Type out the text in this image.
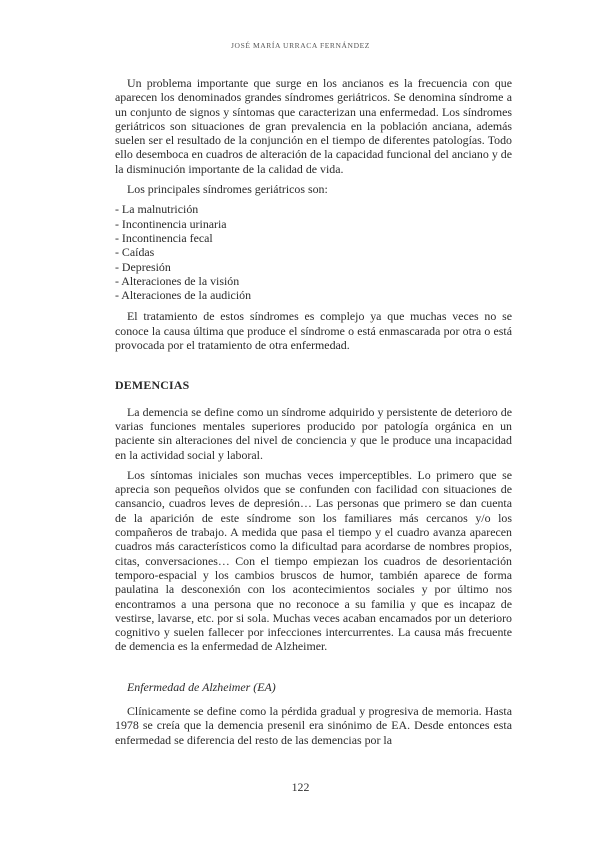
JOSÉ MARÍA URRACA FERNÁNDEZ

Un problema importante que surge en los ancianos es la frecuencia con que aparecen los denominados grandes síndromes geriátricos. Se denomina síndrome a un conjunto de signos y síntomas que caracterizan una enfermedad. Los síndromes geriátricos son situaciones de gran prevalencia en la población anciana, además suelen ser el resultado de la conjunción en el tiempo de diferentes patologías. Todo ello desemboca en cuadros de alteración de la capacidad funcional del anciano y de la disminución importante de la calidad de vida.

Los principales síndromes geriátricos son:

- La malnutrición
- Incontinencia urinaria
- Incontinencia fecal
- Caídas
- Depresión
- Alteraciones de la visión
- Alteraciones de la audición

El tratamiento de estos síndromes es complejo ya que muchas veces no se conoce la causa última que produce el síndrome o está enmascarada por otra o está provocada por el tratamiento de otra enfermedad.

DEMENCIAS

La demencia se define como un síndrome adquirido y persistente de deterioro de varias funciones mentales superiores producido por patología orgánica en un paciente sin alteraciones del nivel de conciencia y que le produce una incapacidad en la actividad social y laboral.

Los síntomas iniciales son muchas veces imperceptibles. Lo primero que se aprecia son pequeños olvidos que se confunden con facilidad con situaciones de cansancio, cuadros leves de depresión… Las personas que primero se dan cuenta de la aparición de este síndrome son los familiares más cercanos y/o los compañeros de trabajo. A medida que pasa el tiempo y el cuadro avanza aparecen cuadros más característicos como la dificultad para acordarse de nombres propios, citas, conversaciones… Con el tiempo empiezan los cuadros de desorientación temporo-espacial y los cambios bruscos de humor, también aparece de forma paulatina la desconexión con los acontecimientos sociales y por último nos encontramos a una persona que no reconoce a su familia y que es incapaz de vestirse, lavarse, etc. por si sola. Muchas veces acaban encamados por un deterioro cognitivo y suelen fallecer por infecciones intercurrentes. La causa más frecuente de demencia es la enfermedad de Alzheimer.

Enfermedad de Alzheimer (EA)

Clínicamente se define como la pérdida gradual y progresiva de memoria. Hasta 1978 se creía que la demencia presenil era sinónimo de EA. Desde entonces esta enfermedad se diferencia del resto de las demencias por la

122
